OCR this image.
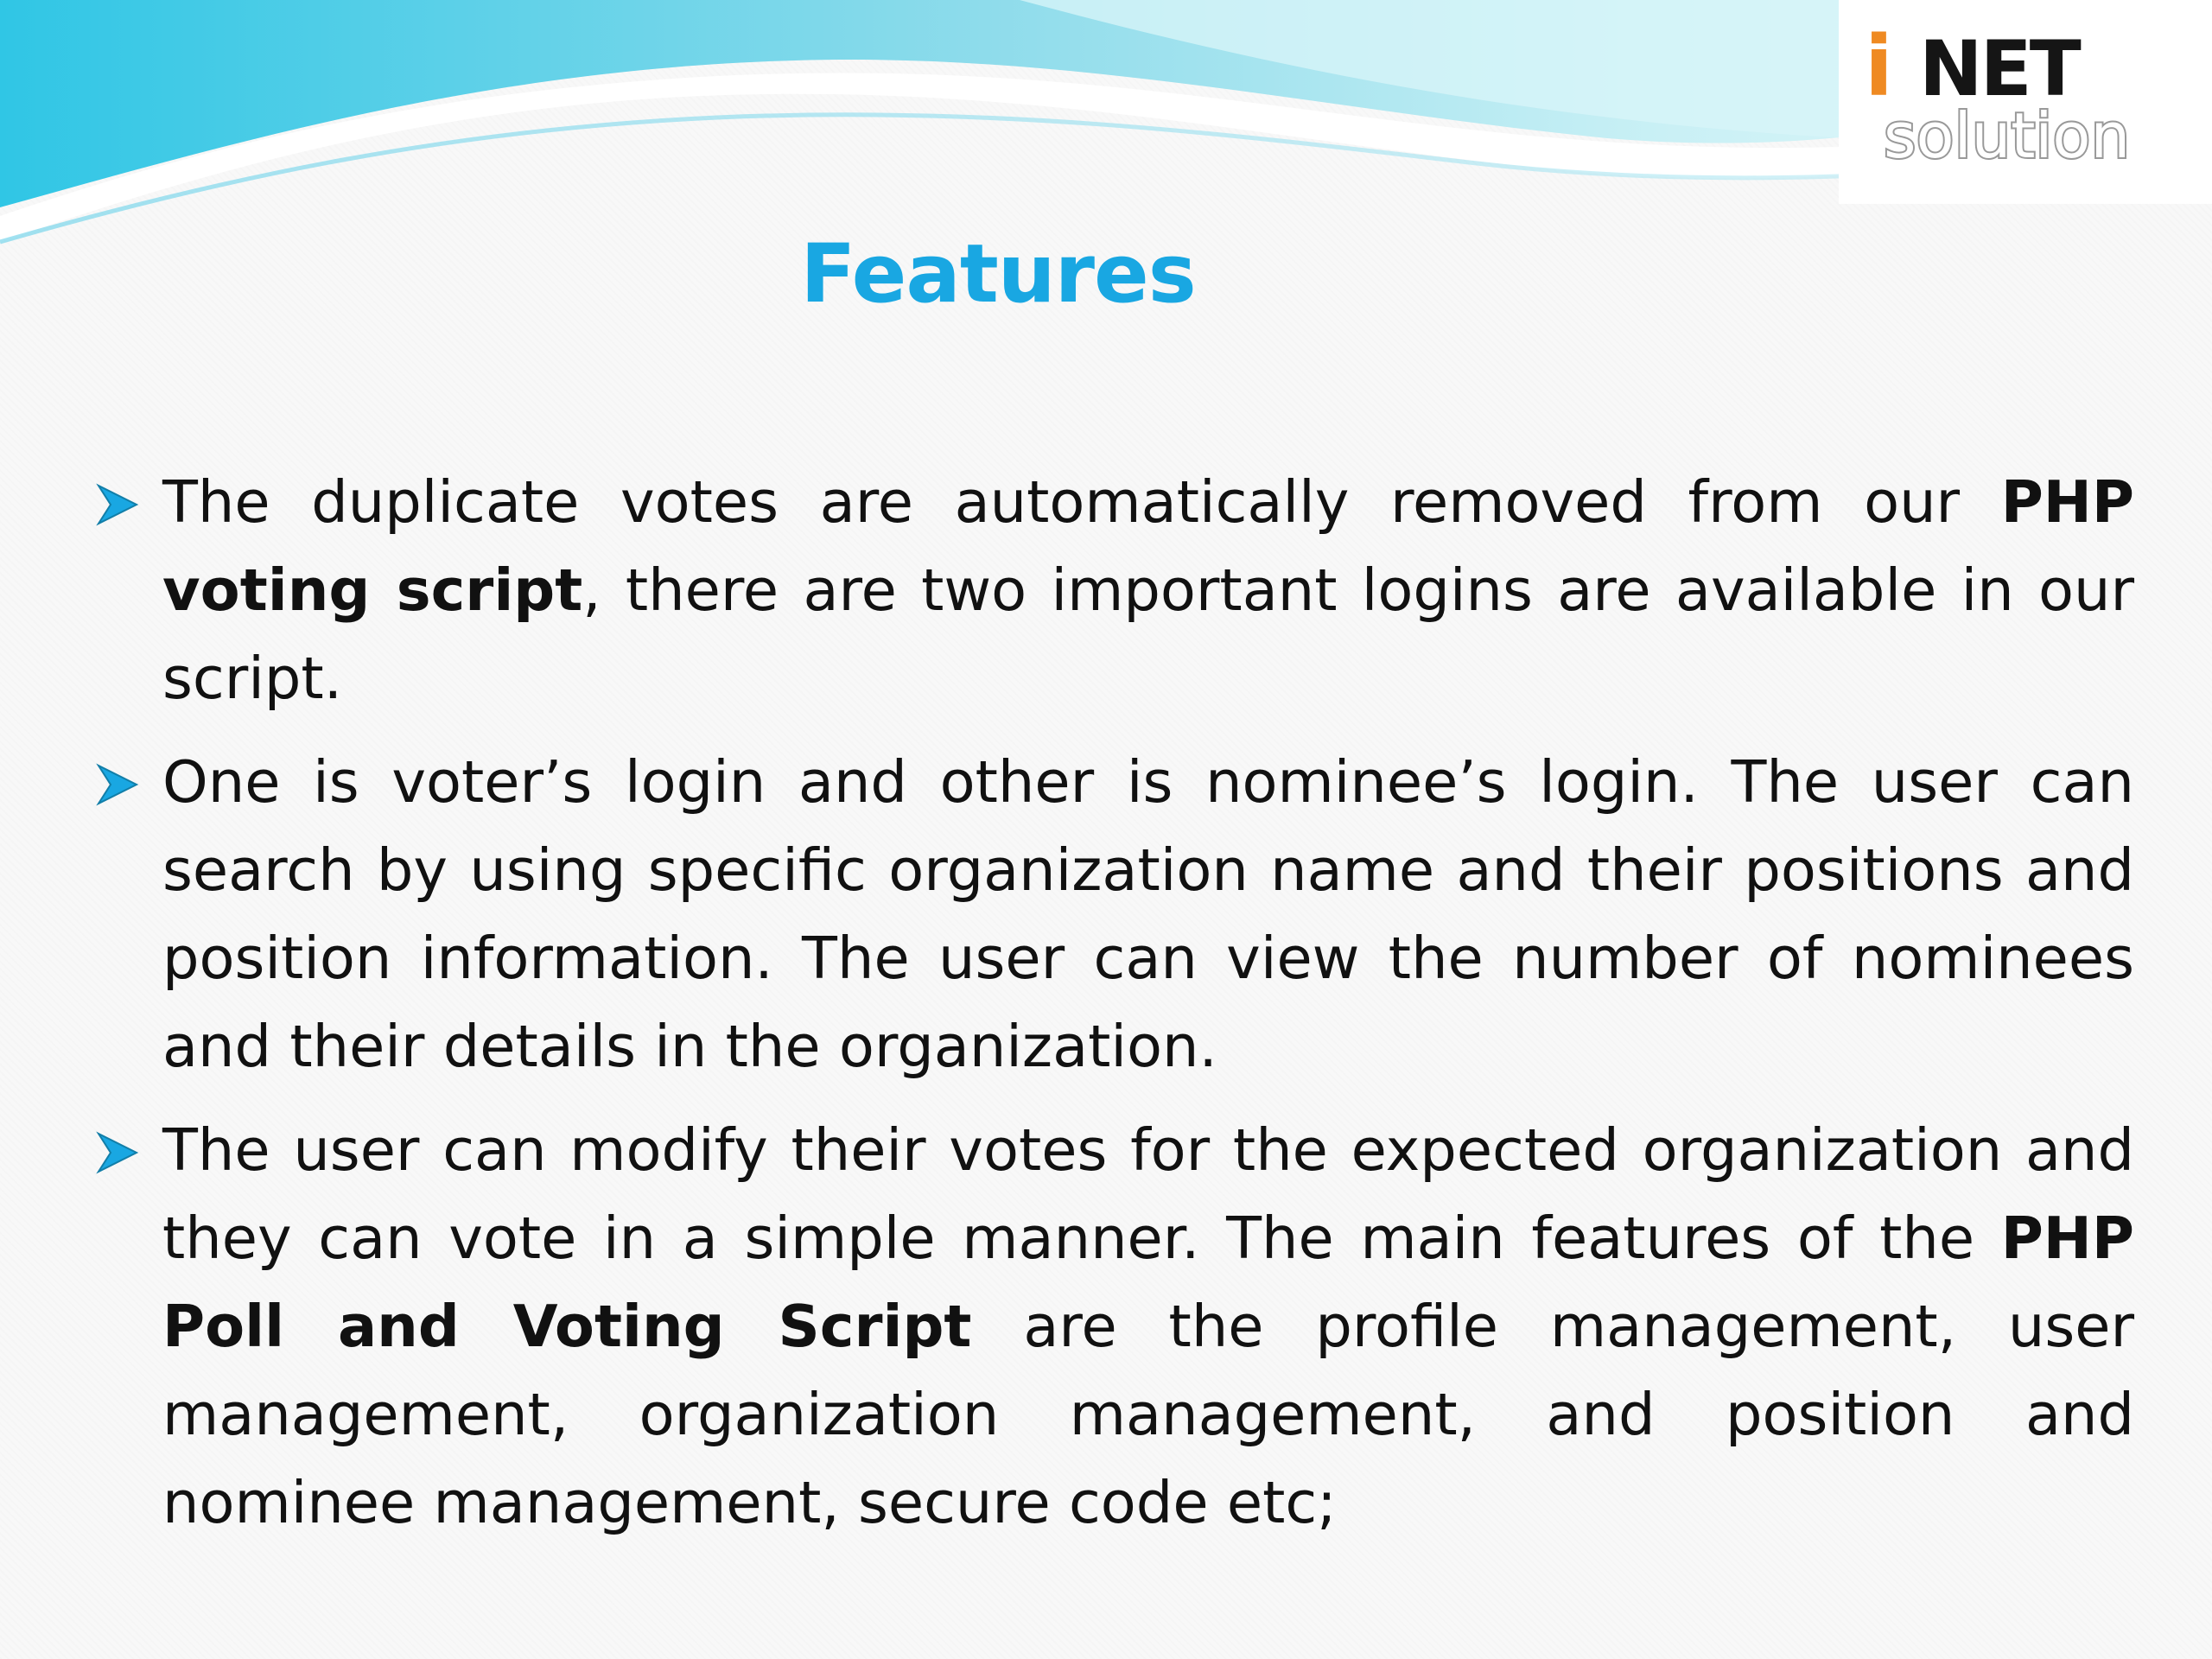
i NET
solution
Features
The duplicate votes are automatically removed from our PHP voting script, there are two important logins are available in our script.
One is voter’s login and other is nominee’s login. The user can search by using specific organization name and their positions and position information. The user can view the number of nominees and their details in the organization.
The user can modify their votes for the expected organization and they can vote in a simple manner. The main features of the PHP Poll and Voting Script are the profile management, user management, organization management, and position and nominee management, secure code etc;
